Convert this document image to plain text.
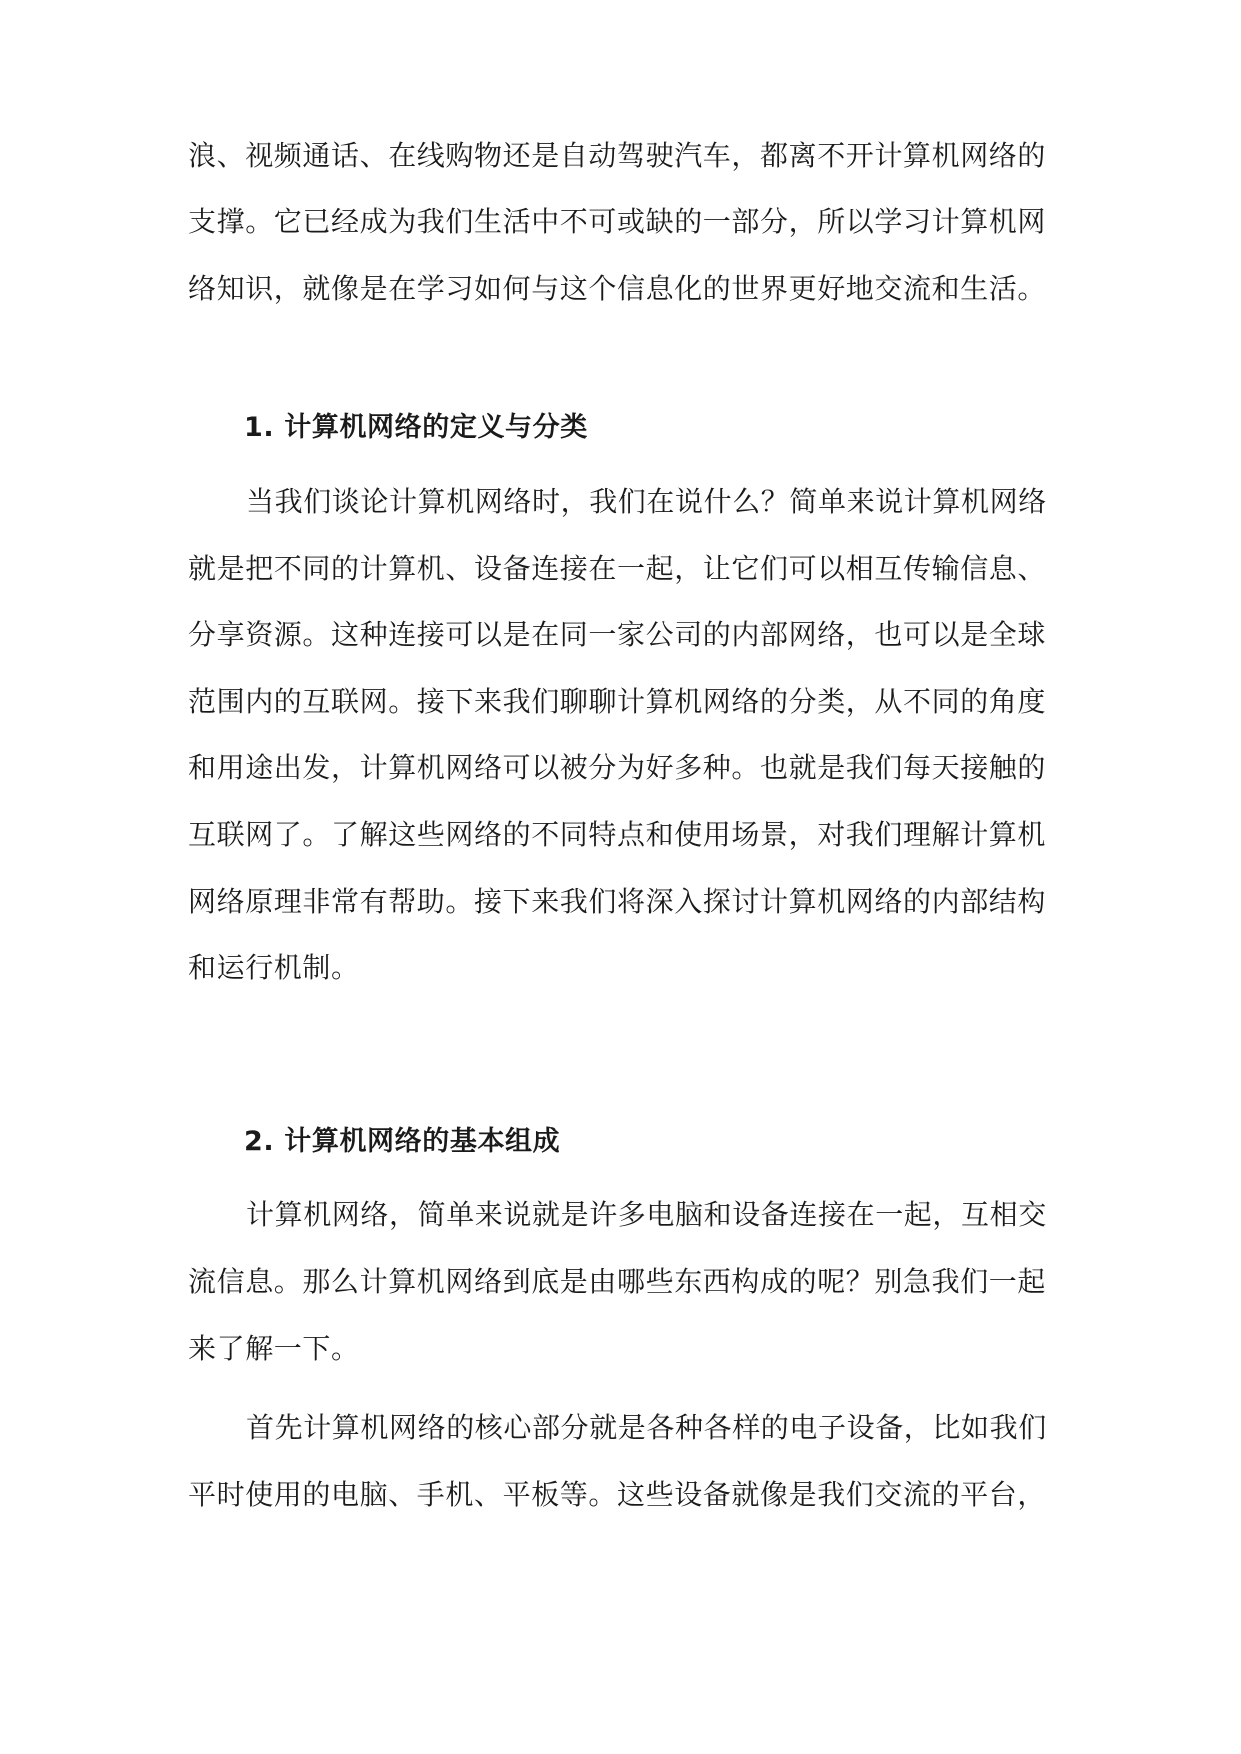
浪、视频通话、在线购物还是自动驾驶汽车，都离不开计算机网络的
支撑。它已经成为我们生活中不可或缺的一部分，所以学习计算机网
络知识，就像是在学习如何与这个信息化的世界更好地交流和生活。
1. 计算机网络的定义与分类
当我们谈论计算机网络时，我们在说什么？简单来说计算机网络
就是把不同的计算机、设备连接在一起，让它们可以相互传输信息、
分享资源。这种连接可以是在同一家公司的内部网络，也可以是全球
范围内的互联网。接下来我们聊聊计算机网络的分类，从不同的角度
和用途出发，计算机网络可以被分为好多种。也就是我们每天接触的
互联网了。了解这些网络的不同特点和使用场景，对我们理解计算机
网络原理非常有帮助。接下来我们将深入探讨计算机网络的内部结构
和运行机制。
2. 计算机网络的基本组成
计算机网络，简单来说就是许多电脑和设备连接在一起，互相交
流信息。那么计算机网络到底是由哪些东西构成的呢？别急我们一起
来了解一下。
首先计算机网络的核心部分就是各种各样的电子设备，比如我们
平时使用的电脑、手机、平板等。这些设备就像是我们交流的平台，
